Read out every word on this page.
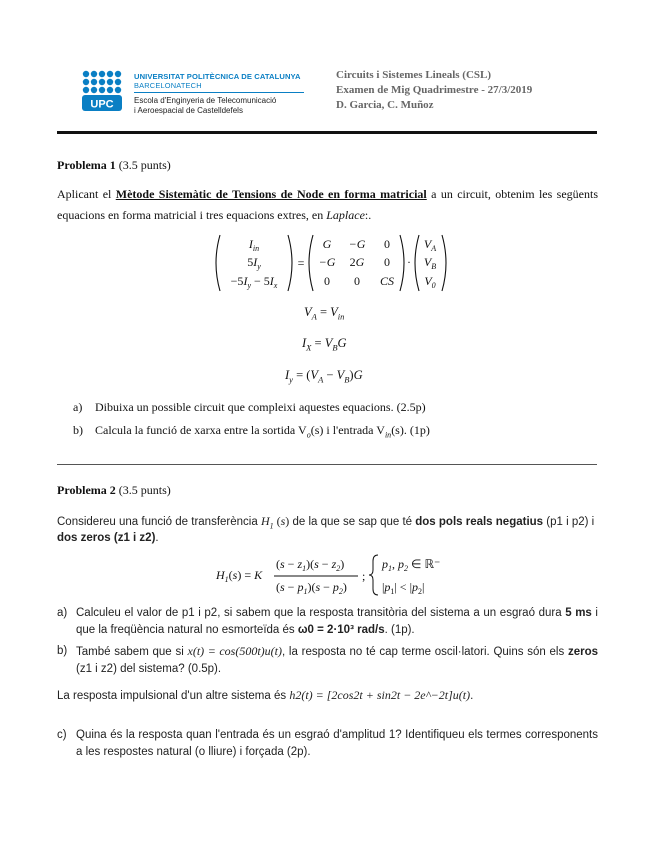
UPC
UNIVERSITAT POLITÈCNICA DE CATALUNYA
BARCELONATECH
Escola d'Enginyeria de Telecomunicació
i Aeroespacial de Castelldefels
Circuits i Sistemes Lineals (CSL)
Examen de Mig Quadrimestre - 27/3/2019
D. Garcia, C. Muñoz
Problema 1 (3.5 punts)
Aplicant el Mètode Sistemàtic de Tensions de Node en forma matricial a un circuit, obtenim les següents equacions en forma matricial i tres equacions extres, en Laplace:.
$I_{in}$
$5I_y$
$-5I_y - 5I_x$
=
G −G 0
−G 2G 0
0 0 CS
·
$V_A$
$V_B$
$V_0$
$V_A = V_{in}$
$I_X = V_BG$
$I_y = (V_A - V_B)G$
a) Dibuixa un possible circuit que compleixi aquestes equacions. (2.5p)
b) Calcula la funció de xarxa entre la sortida $V_o(s)$ i l'entrada $V_{in}(s)$. (1p)
Problema 2 (3.5 punts)
Considereu una funció de transferència $H_1$ (s) de la que se sap que té dos pols reals negatius (p1 i p2) i
dos zeros (z1 i z2).
$H_1(s) = K$
$(s - z_1)(s - z_2)$
$(s - p_1)(s - p_2)$
;
$p_1$, $p_2$ ∈ ℝ⁻
$|p_1| < |p_2|$
a) Calculeu el valor de p1 i p2, si sabem que la resposta transitòria del sistema a un esgraó dura 5 ms i que la freqüència natural no esmorteïda és ω0 = 2·10³ rad/s. (1p).
b) També sabem que si x(t) = cos(500t)u(t), la resposta no té cap terme oscil·latori. Quins són els zeros (z1 i z2) del sistema? (0.5p).
La resposta impulsional d'un altre sistema és h2(t) = [2cos2t + sin2t − 2e^−2t]u(t).
c) Quina és la resposta quan l'entrada és un esgraó d'amplitud 1? Identifiqueu els termes corresponents a les respostes natural (o lliure) i forçada (2p).
